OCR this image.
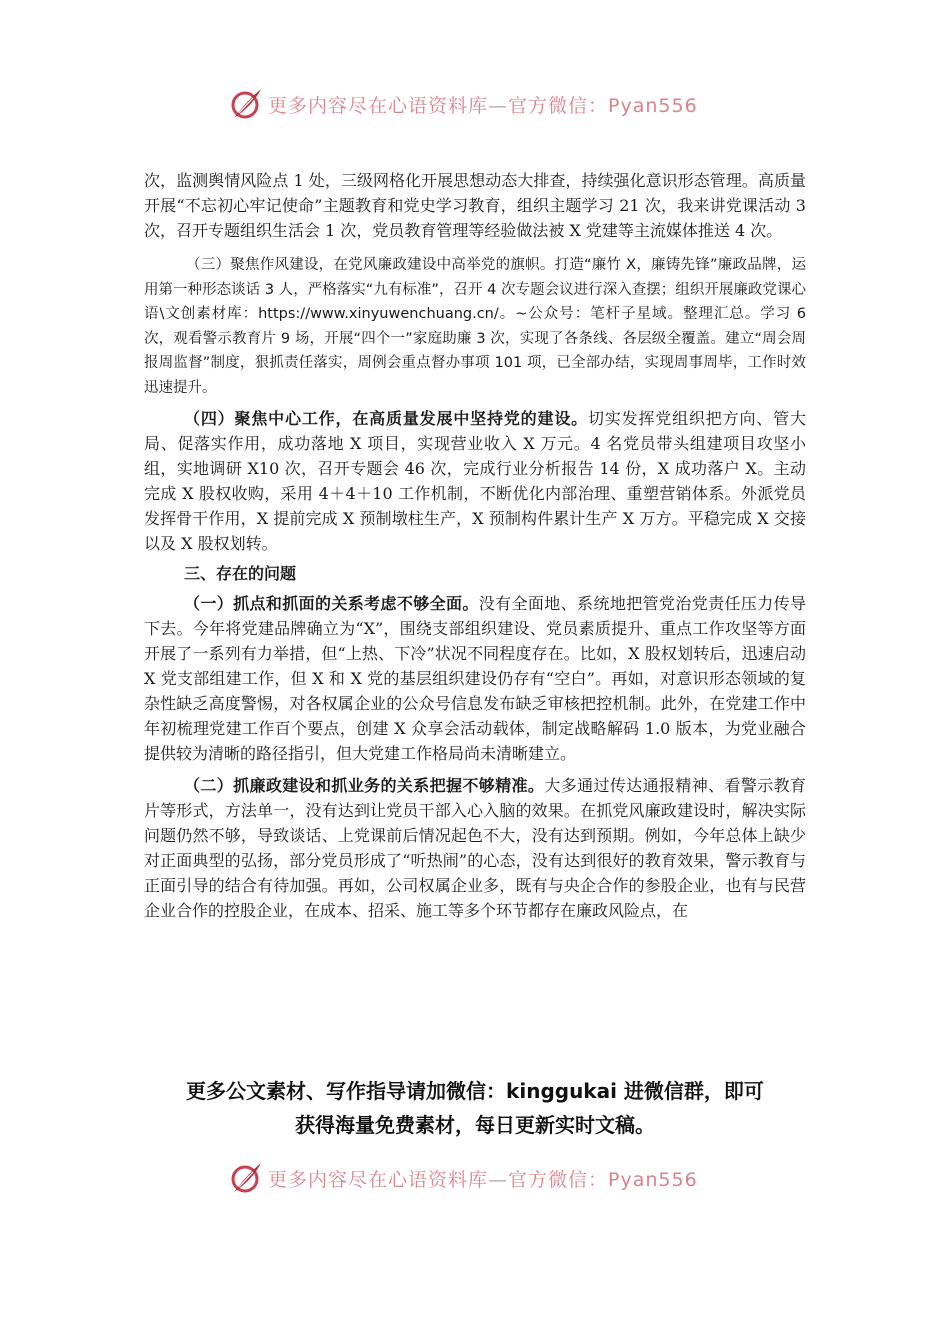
更多内容尽在心语资料库—官方微信：Pyan556

次，监测舆情风险点 1 处，三级网格化开展思想动态大排查，持续强化意识形态管理。高质量开展“不忘初心牢记使命”主题教育和党史学习教育，组织主题学习 21 次，我来讲党课活动 3 次，召开专题组织生活会 1 次，党员教育管理等经验做法被 X 党建等主流媒体推送 4 次。

（三）聚焦作风建设，在党风廉政建设中高举党的旗帜。打造“廉竹 X，廉铸先锋”廉政品牌，运用第一种形态谈话 3 人，严格落实“九有标准”，召开 4 次专题会议进行深入查摆；组织开展廉政党课心语\文创素材库：https://www.xinyuwenchuang.cn/。~公众号：笔杆子星域。整理汇总。学习 6 次，观看警示教育片 9 场，开展“四个一”家庭助廉 3 次，实现了各条线、各层级全覆盖。建立“周会周报周监督”制度，狠抓责任落实，周例会重点督办事项 101 项，已全部办结，实现周事周毕，工作时效迅速提升。

（四）聚焦中心工作，在高质量发展中坚持党的建设。切实发挥党组织把方向、管大局、促落实作用，成功落地 X 项目，实现营业收入 X 万元。4 名党员带头组建项目攻坚小组，实地调研 X10 次，召开专题会 46 次，完成行业分析报告 14 份，X 成功落户 X。主动完成 X 股权收购，采用 4＋4＋10 工作机制，不断优化内部治理、重塑营销体系。外派党员发挥骨干作用，X 提前完成 X 预制墩柱生产，X 预制构件累计生产 X 万方。平稳完成 X 交接以及 X 股权划转。

三、存在的问题

（一）抓点和抓面的关系考虑不够全面。没有全面地、系统地把管党治党责任压力传导下去。今年将党建品牌确立为“X”，围绕支部组织建设、党员素质提升、重点工作攻坚等方面开展了一系列有力举措，但“上热、下冷”状况不同程度存在。比如，X 股权划转后，迅速启动 X 党支部组建工作，但 X 和 X 党的基层组织建设仍存有“空白”。再如，对意识形态领域的复杂性缺乏高度警惕，对各权属企业的公众号信息发布缺乏审核把控机制。此外，在党建工作中年初梳理党建工作百个要点，创建 X 众享会活动载体，制定战略解码 1.0 版本，为党业融合提供较为清晰的路径指引，但大党建工作格局尚未清晰建立。

（二）抓廉政建设和抓业务的关系把握不够精准。大多通过传达通报精神、看警示教育片等形式，方法单一，没有达到让党员干部入心入脑的效果。在抓党风廉政建设时，解决实际问题仍然不够，导致谈话、上党课前后情况起色不大，没有达到预期。例如，今年总体上缺少对正面典型的弘扬，部分党员形成了“听热闹”的心态，没有达到很好的教育效果，警示教育与正面引导的结合有待加强。再如，公司权属企业多，既有与央企合作的参股企业，也有与民营企业合作的控股企业，在成本、招采、施工等多个环节都存在廉政风险点，在

更多公文素材、写作指导请加微信：kinggukai 进微信群，即可
获得海量免费素材，每日更新实时文稿。
更多内容尽在心语资料库—官方微信：Pyan556
